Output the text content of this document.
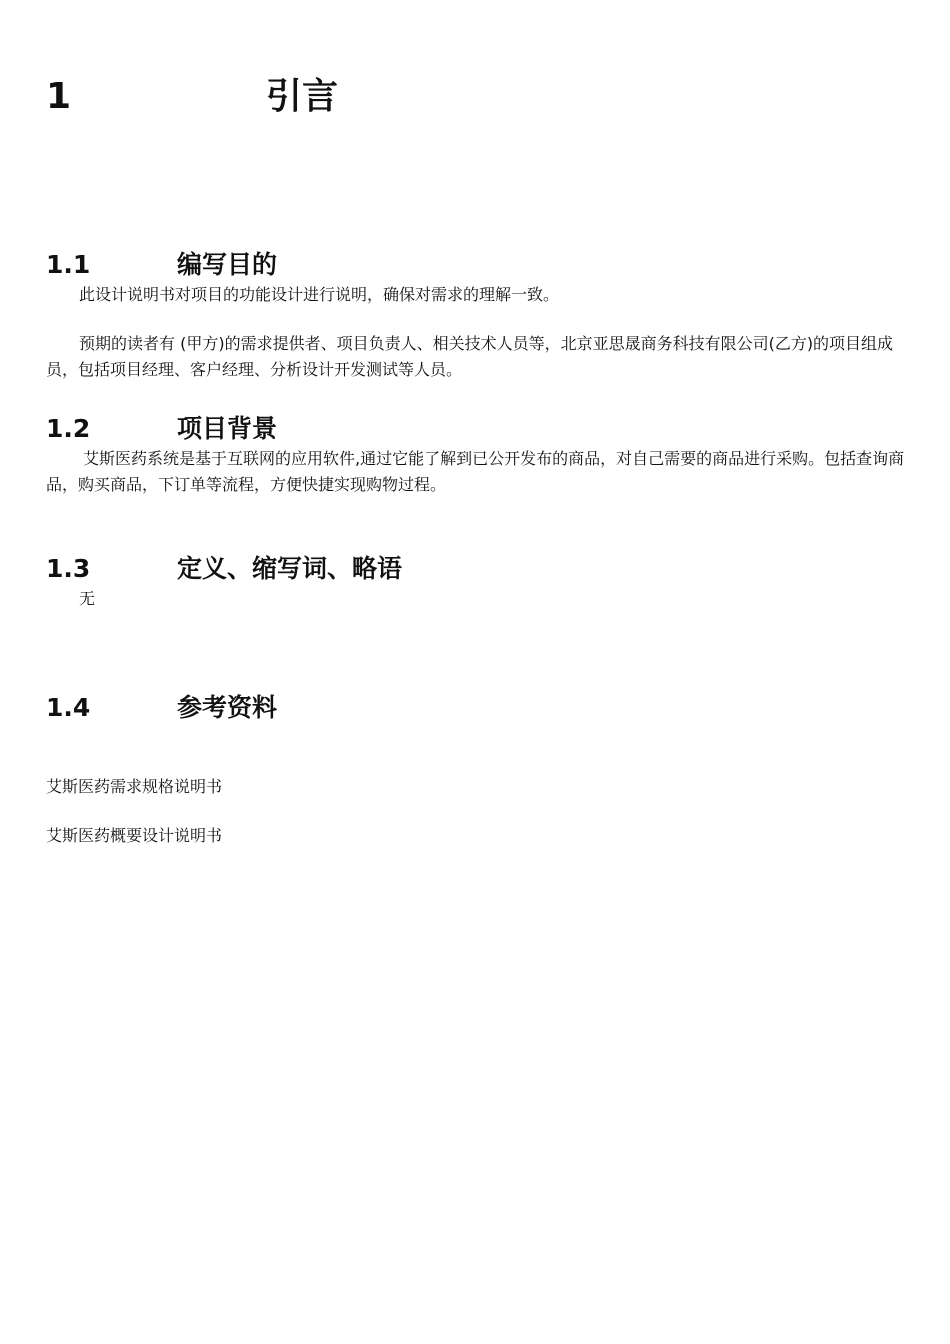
1	引言
1.1	编写目的
此设计说明书对项目的功能设计进行说明，确保对需求的理解一致。
预期的读者有 (甲方)的需求提供者、项目负责人、相关技术人员等，北京亚思晟商务科技有限公司(乙方)的项目组成员，包括项目经理、客户经理、分析设计开发测试等人员。
1.2	项目背景
艾斯医药系统是基于互联网的应用软件,通过它能了解到已公开发布的商品，对自己需要的商品进行采购。包括查询商品，购买商品，下订单等流程，方便快捷实现购物过程。
1.3	定义、缩写词、略语
无
1.4	参考资料
艾斯医药需求规格说明书
艾斯医药概要设计说明书
